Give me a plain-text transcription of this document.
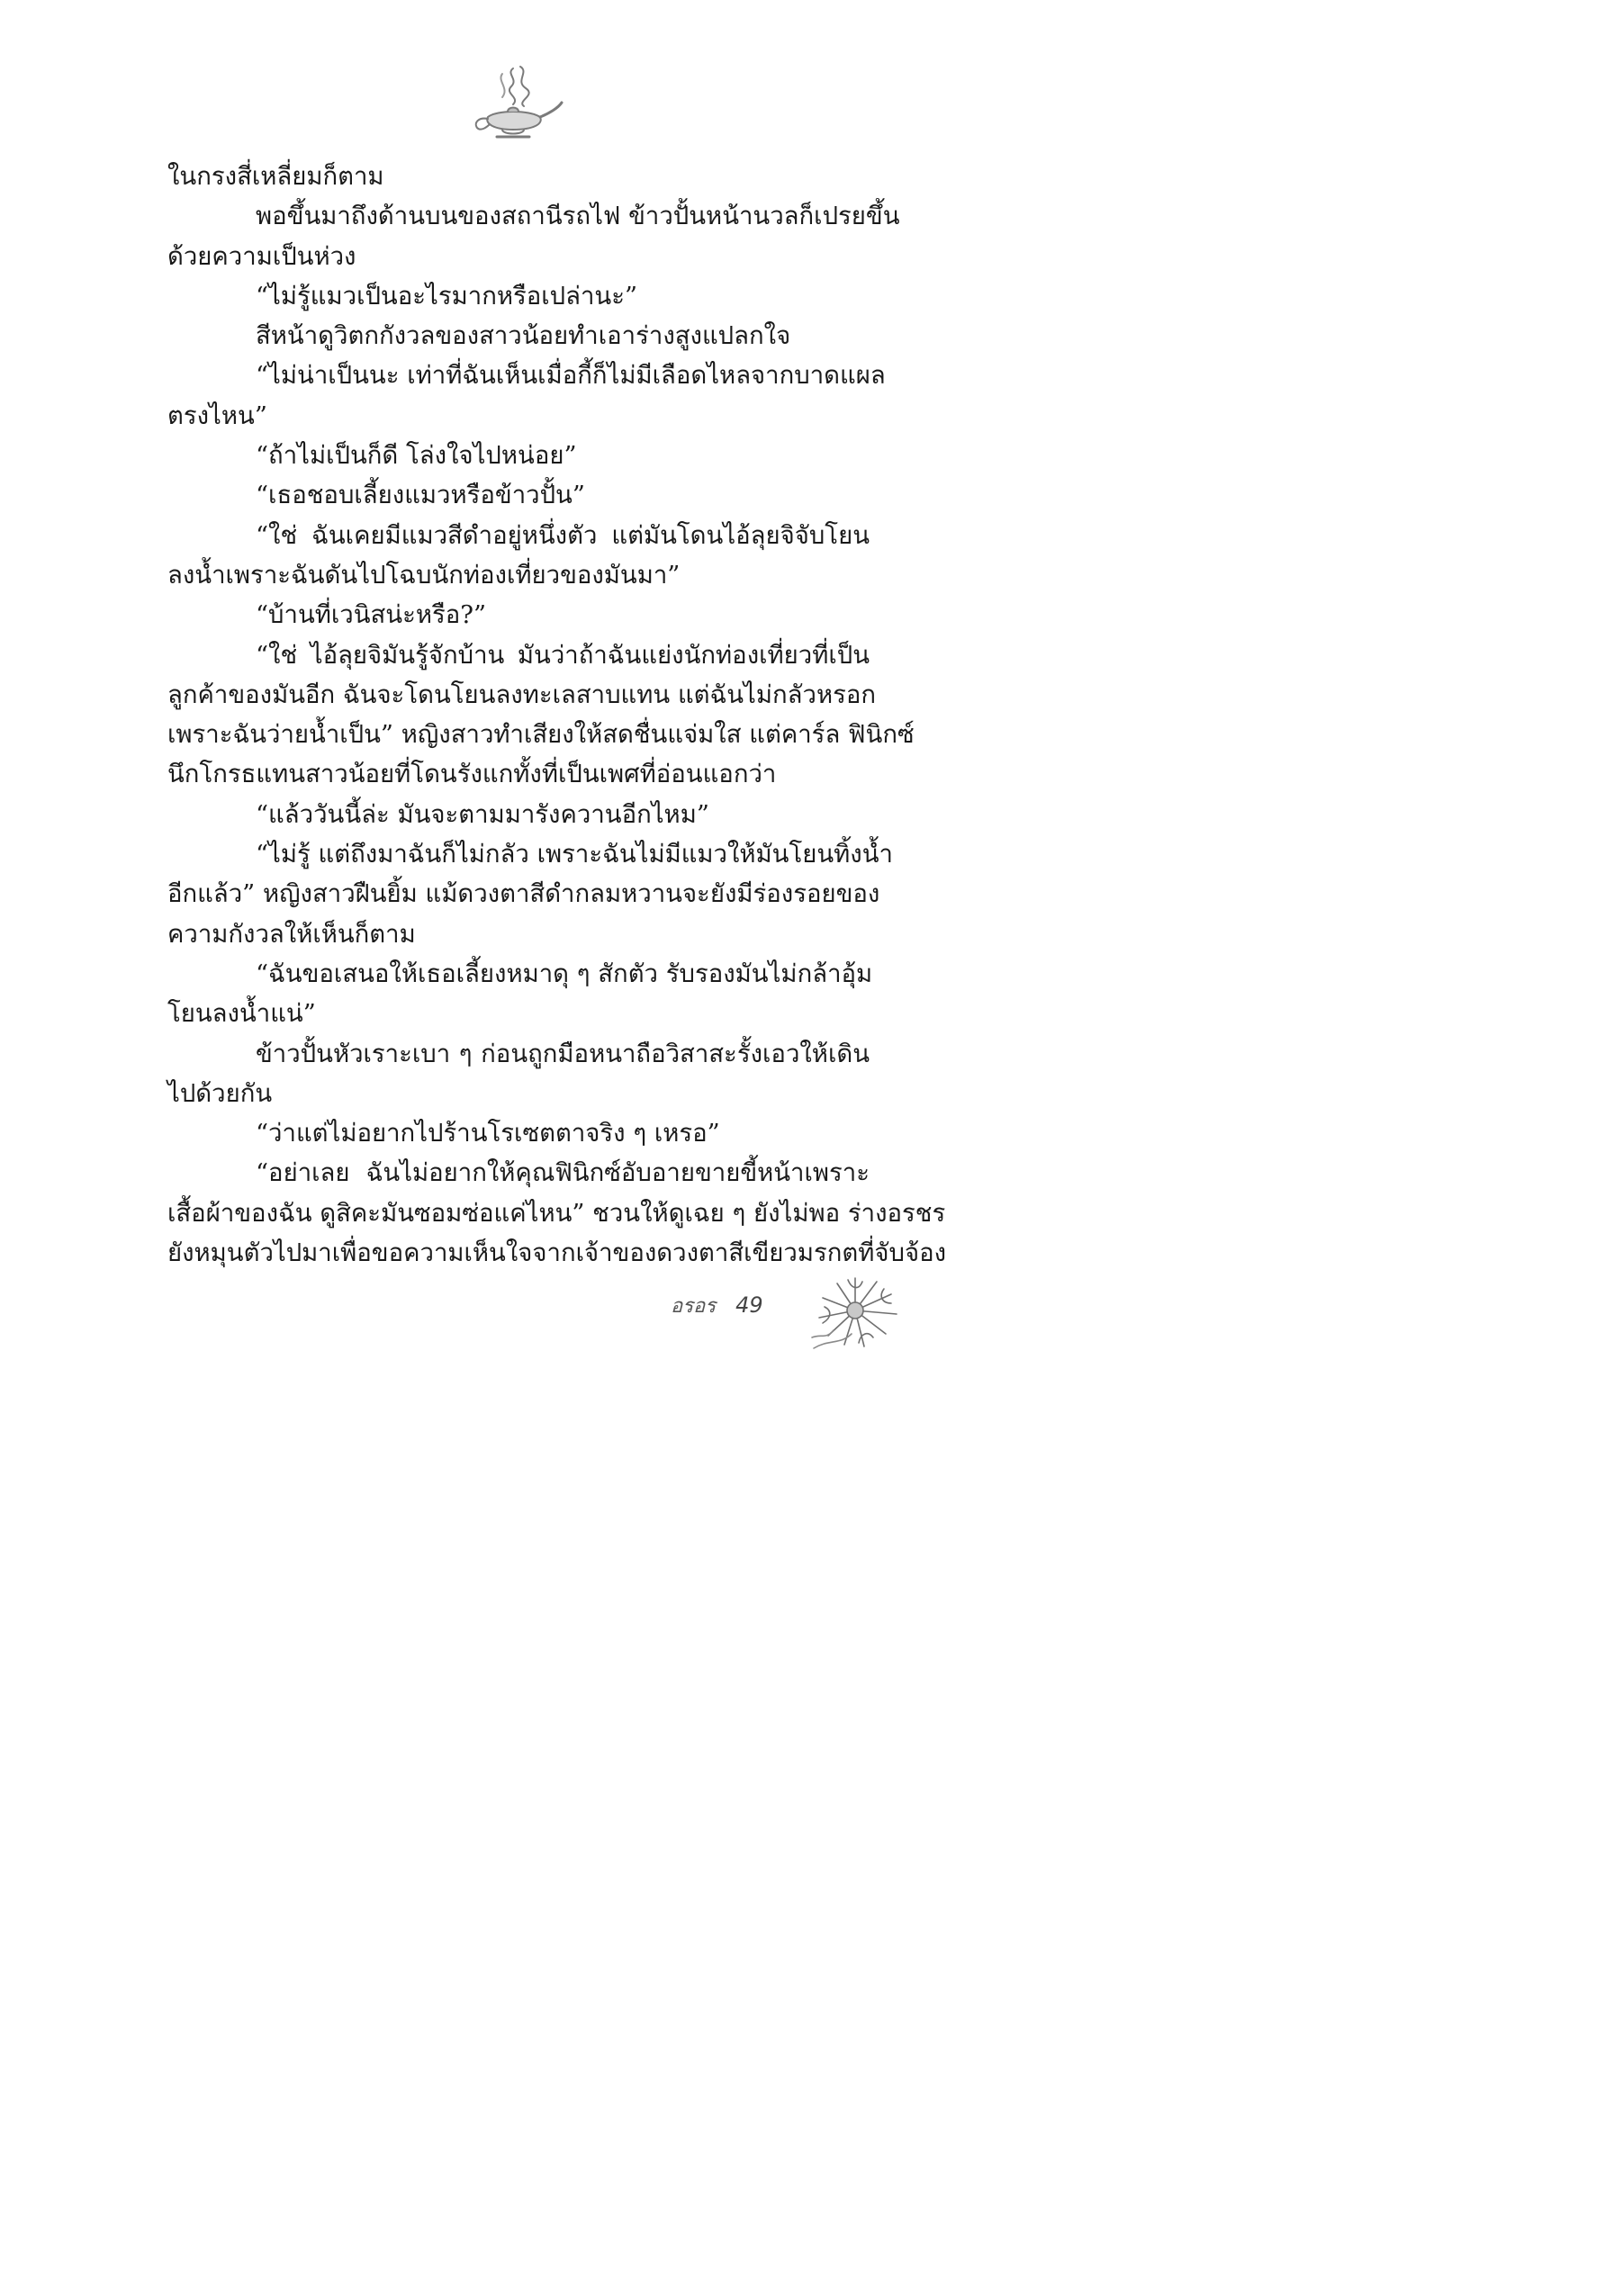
ในกรงสี่เหลี่ยมก็ตาม
พอขึ้นมาถึงด้านบนของสถานีรถไฟ ข้าวปั้นหน้านวลก็เปรยขึ้น
ด้วยความเป็นห่วง
“ไม่รู้แมวเป็นอะไรมากหรือเปล่านะ”
สีหน้าดูวิตกกังวลของสาวน้อยทำเอาร่างสูงแปลกใจ
“ไม่น่าเป็นนะ เท่าที่ฉันเห็นเมื่อกี้ก็ไม่มีเลือดไหลจากบาดแผล
ตรงไหน”
“ถ้าไม่เป็นก็ดี โล่งใจไปหน่อย”
“เธอชอบเลี้ยงแมวหรือข้าวปั้น”
“ใช่ ฉันเคยมีแมวสีดำอยู่หนึ่งตัว แต่มันโดนไอ้ลุยจิจับโยน
ลงน้ำเพราะฉันดันไปโฉบนักท่องเที่ยวของมันมา”
“บ้านที่เวนิสน่ะหรือ?”
“ใช่ ไอ้ลุยจิมันรู้จักบ้าน มันว่าถ้าฉันแย่งนักท่องเที่ยวที่เป็น
ลูกค้าของมันอีก ฉันจะโดนโยนลงทะเลสาบแทน แต่ฉันไม่กลัวหรอก
เพราะฉันว่ายน้ำเป็น” หญิงสาวทำเสียงให้สดชื่นแจ่มใส แต่คาร์ล ฟินิกซ์
นึกโกรธแทนสาวน้อยที่โดนรังแกทั้งที่เป็นเพศที่อ่อนแอกว่า
“แล้ววันนี้ล่ะ มันจะตามมารังควานอีกไหม”
“ไม่รู้ แต่ถึงมาฉันก็ไม่กลัว เพราะฉันไม่มีแมวให้มันโยนทิ้งน้ำ
อีกแล้ว” หญิงสาวฝืนยิ้ม แม้ดวงตาสีดำกลมหวานจะยังมีร่องรอยของ
ความกังวลให้เห็นก็ตาม
“ฉันขอเสนอให้เธอเลี้ยงหมาดุ ๆ สักตัว รับรองมันไม่กล้าอุ้ม
โยนลงน้ำแน่”
ข้าวปั้นหัวเราะเบา ๆ ก่อนถูกมือหนาถือวิสาสะรั้งเอวให้เดิน
ไปด้วยกัน
“ว่าแต่ไม่อยากไปร้านโรเซตตาจริง ๆ เหรอ”
“อย่าเลย ฉันไม่อยากให้คุณฟินิกซ์อับอายขายขี้หน้าเพราะ
เสื้อผ้าของฉัน ดูสิคะมันซอมซ่อแค่ไหน” ชวนให้ดูเฉย ๆ ยังไม่พอ ร่างอรชร
ยังหมุนตัวไปมาเพื่อขอความเห็นใจจากเจ้าของดวงตาสีเขียวมรกตที่จับจ้อง
อรอร 49
